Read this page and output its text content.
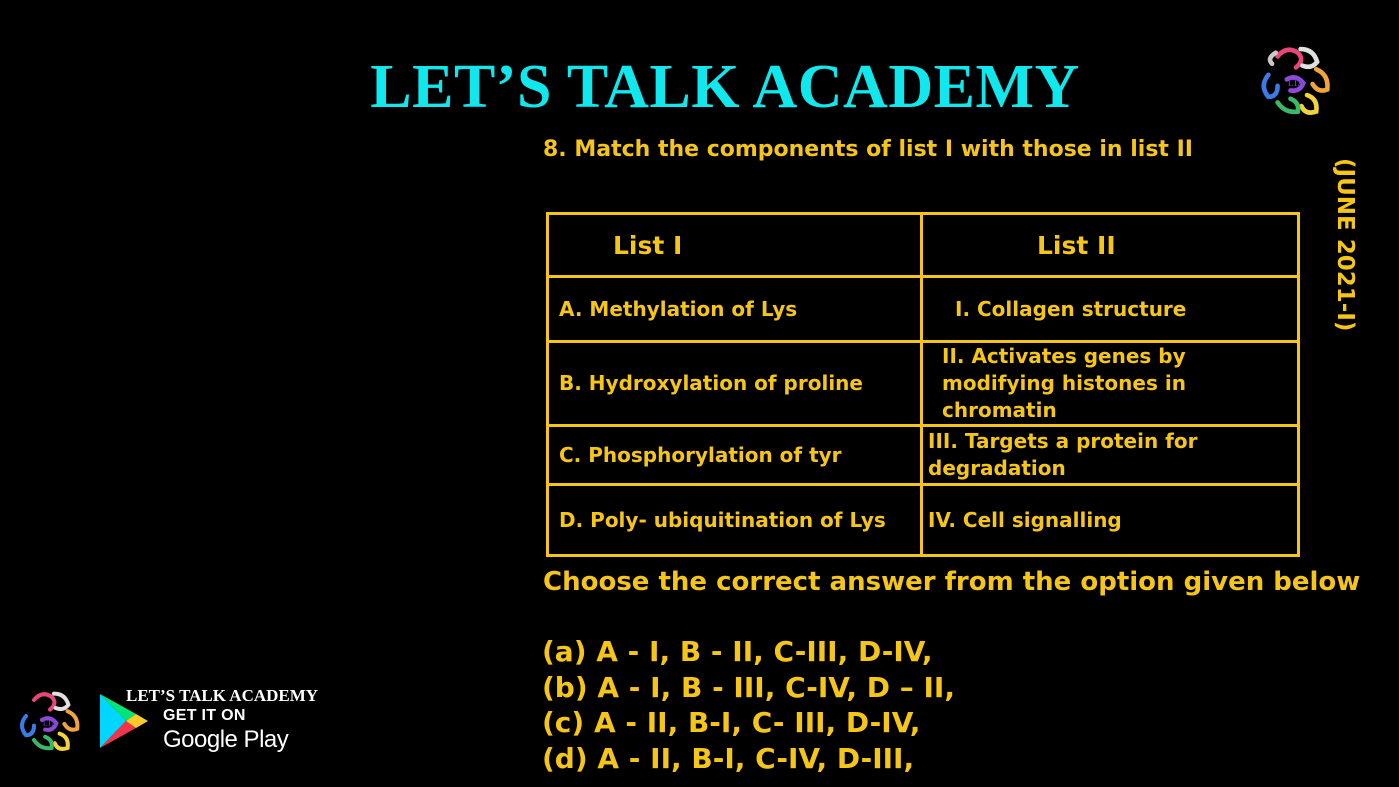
LET’S TALK ACADEMY	LTA
8. Match the components of list I with those in list II
(JUNE 2021-I)
List I	List II
A. Methylation of Lys	I. Collagen structure
B. Hydroxylation of proline	II. Activates genes by modifying histones in chromatin
C. Phosphorylation of tyr	III. Targets a protein for degradation
D. Poly- ubiquitination of Lys	IV. Cell signalling
Choose the correct answer from the option given below
(a) A - I, B - II, C-III, D-IV,
(b) A - I, B - III, C-IV, D – II,
(c) A - II, B-I, C- III, D-IV,
(d) A - II, B-I, C-IV, D-III,
LTA
LET’S TALK ACADEMY
GET IT ON
Google Play
